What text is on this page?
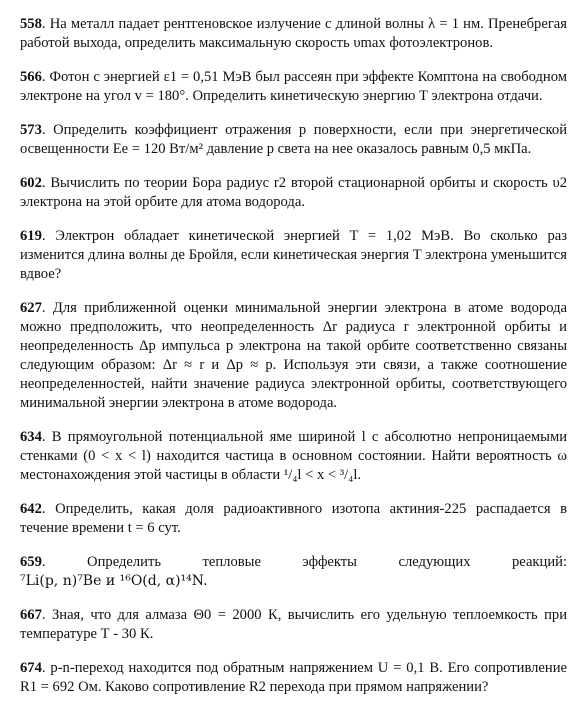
558. На металл падает рентгеновское излучение с длиной волны λ = 1 нм. Пренебрегая работой выхода, определить максимальную скорость υmax фотоэлектронов.
566. Фотон с энергией ε1 = 0,51 МэВ был рассеян при эффекте Комптона на свободном электроне на угол v = 180°. Определить кинетическую энергию T электрона отдачи.
573. Определить коэффициент отражения р поверхности, если при энергетической освещенности Ee = 120 Вт/м² давление р света на нее оказалось равным 0,5 мкПа.
602. Вычислить по теории Бора радиус r2 второй стационарной орбиты и скорость υ2 электрона на этой орбите для атома водорода.
619. Электрон обладает кинетической энергией T = 1,02 МэВ. Во сколько раз изменится длина волны де Бройля, если кинетическая энергия T электрона уменьшится вдвое?
627. Для приближенной оценки минимальной энергии электрона в атоме водорода можно предположить, что неопределенность Δr радиуса r электронной орбиты и неопределенность Δp импульса р электрона на такой орбите соответственно связаны следующим образом: Δr ≈ r и Δp ≈ p. Используя эти связи, а также соотношение неопределенностей, найти значение радиуса электронной орбиты, соответствующего минимальной энергии электрона в атоме водорода.
634. В прямоугольной потенциальной яме шириной l с абсолютно непроницаемыми стенками (0 < x < l) находится частица в основном состоянии. Найти вероятность ω местонахождения этой частицы в области ¹/₄l < x < ³/₄l.
642. Определить, какая доля радиоактивного изотопа актиния-225 распадается в течение времени t = 6 сут.
659. Определить тепловые эффекты следующих реакций:
⁷Li(p, n)⁷Be и ¹⁶O(d, α)¹⁴N.
667. Зная, что для алмаза Θ0 = 2000 К, вычислить его удельную теплоемкость при температуре Т - 30 К.
674. p-n-переход находится под обратным напряжением U = 0,1 В. Его сопротивление R1 = 692 Ом. Каково сопротивление R2 перехода при прямом напряжении?
